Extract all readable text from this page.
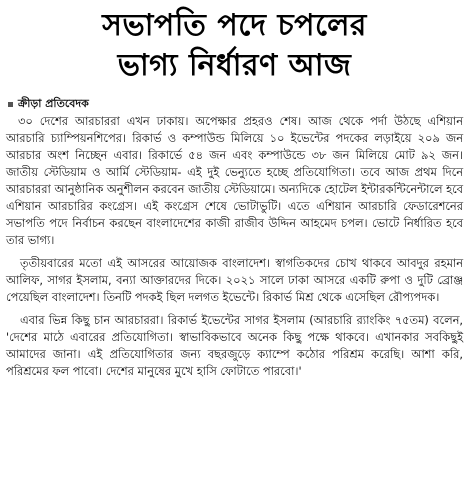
সভাপতি পদে চপলের
ভাগ্য নির্ধারণ আজ
ক্রীড়া প্রতিবেদক

৩০ দেশের আরচাররা এখন ঢাকায়। অপেক্ষার প্রহরও শেষ। আজ থেকে পর্দা উঠছে এশিয়ান আরচারি চ্যাম্পিয়নশিপের। রিকার্ভ ও কম্পাউন্ড মিলিয়ে ১০ ইভেন্টের পদকের লড়াইয়ে ২০৯ জন আরচার অংশ নিচ্ছেন এবার। রিকার্ভে ৫৪ জন এবং কম্পাউন্ডে ৩৮ জন মিলিয়ে মোট ৯২ জন। জাতীয় স্টেডিয়াম ও আর্মি স্টেডিয়াম- এই দুই ভেন্যুতে হচ্ছে প্রতিযোগিতা। তবে আজ প্রথম দিনে আরচাররা আনুষ্ঠানিক অনুশীলন করবেন জাতীয় স্টেডিয়ামে। অন্যদিকে হোটেল ইন্টারকন্টিনেন্টালে হবে এশিয়ান আরচারির কংগ্রেস। এই কংগ্রেস শেষে ভোটাভুটি। এতে এশিয়ান আরচারি ফেডারেশনের সভাপতি পদে নির্বাচন করছেন বাংলাদেশের কাজী রাজীব উদ্দিন আহমেদ চপল। ভোটে নির্ধারিত হবে তার ভাগ্য।

তৃতীয়বারের মতো এই আসরের আয়োজক বাংলাদেশ। স্বাগতিকদের চোখ থাকবে আবদুর রহমান আলিফ, সাগর ইসলাম, বন্যা আক্তারদের দিকে। ২০২১ সালে ঢাকা আসরে একটি রুপা ও দুটি ব্রোঞ্জ পেয়েছিল বাংলাদেশ। তিনটি পদকই ছিল দলগত ইভেন্টে। রিকার্ভ মিশ্র থেকে এসেছিল রৌপ্যপদক।

এবার ভিন্ন কিছু চান আরচাররা। রিকার্ভ ইভেন্টের সাগর ইসলাম (আরচারি র‍্যাংকিং ৭৫তম) বলেন, 'দেশের মাঠে এবারের প্রতিযোগিতা। স্বাভাবিকভাবে অনেক কিছু পক্ষে থাকবে। এখানকার সবকিছুই আমাদের জানা। এই প্রতিযোগিতার জন্য বছরজুড়ে ক্যাম্পে কঠোর পরিশ্রম করেছি। আশা করি, পরিশ্রমের ফল পাবো। দেশের মানুষের মুখে হাসি ফোটাতে পারবো।'
